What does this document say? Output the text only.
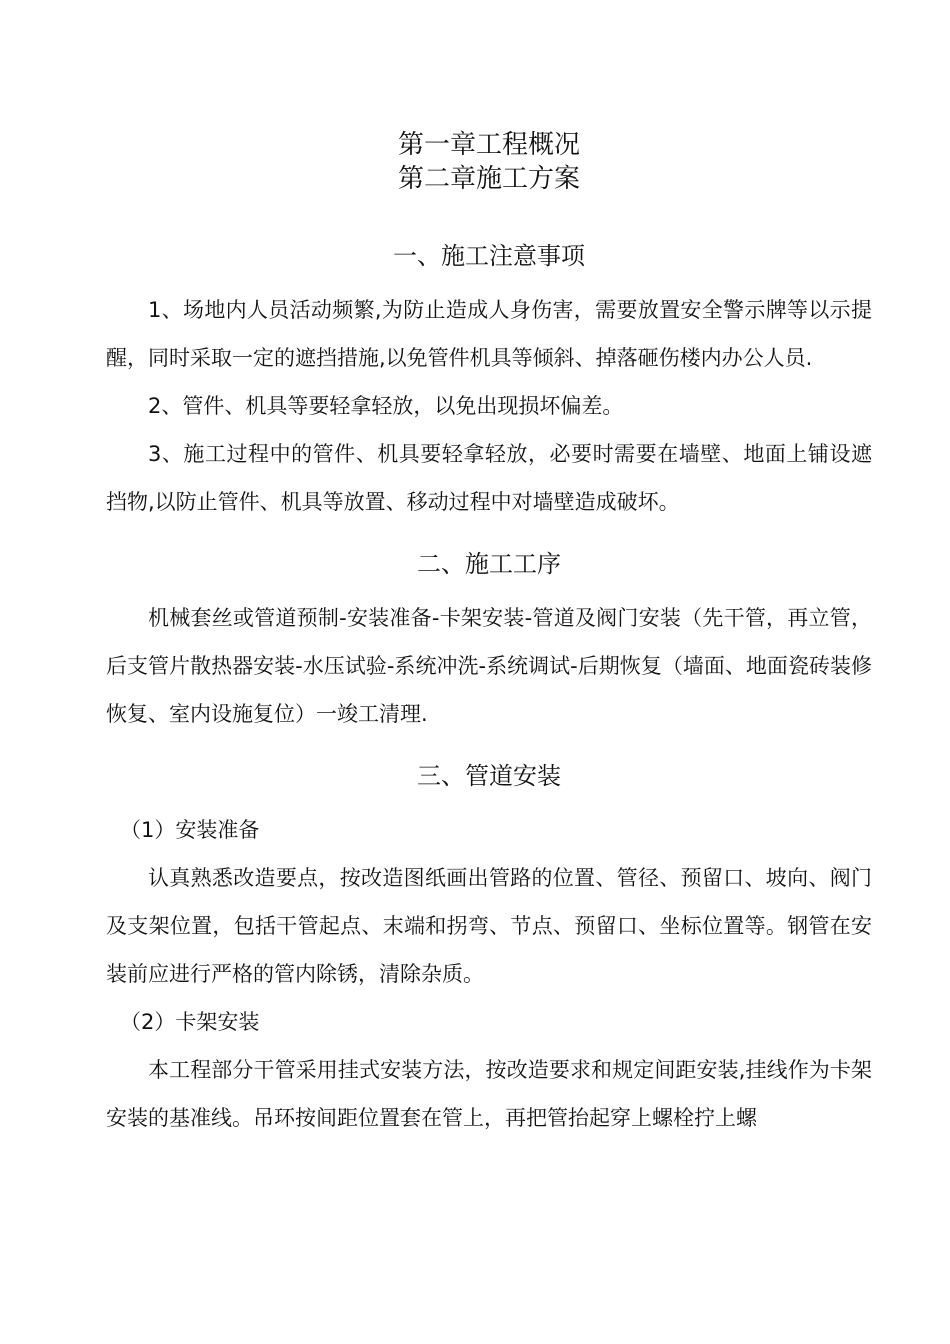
第一章工程概况
第二章施工方案
一、施工注意事项

1、场地内人员活动频繁,为防止造成人身伤害，需要放置安全警示牌等以示提醒，同时采取一定的遮挡措施,以免管件机具等倾斜、掉落砸伤楼内办公人员.

2、管件、机具等要轻拿轻放，以免出现损坏偏差。

3、施工过程中的管件、机具要轻拿轻放，必要时需要在墙壁、地面上铺设遮挡物,以防止管件、机具等放置、移动过程中对墙壁造成破坏。

二、施工工序

机械套丝或管道预制-安装准备-卡架安装-管道及阀门安装（先干管，再立管，后支管片散热器安装-水压试验-系统冲洗-系统调试-后期恢复（墙面、地面瓷砖装修恢复、室内设施复位）一竣工清理.

三、管道安装

（1）安装准备

认真熟悉改造要点，按改造图纸画出管路的位置、管径、预留口、坡向、阀门及支架位置，包括干管起点、末端和拐弯、节点、预留口、坐标位置等。钢管在安装前应进行严格的管内除锈，清除杂质。

（2）卡架安装

本工程部分干管采用挂式安装方法，按改造要求和规定间距安装,挂线作为卡架安装的基准线。吊环按间距位置套在管上，再把管抬起穿上螺栓拧上螺
